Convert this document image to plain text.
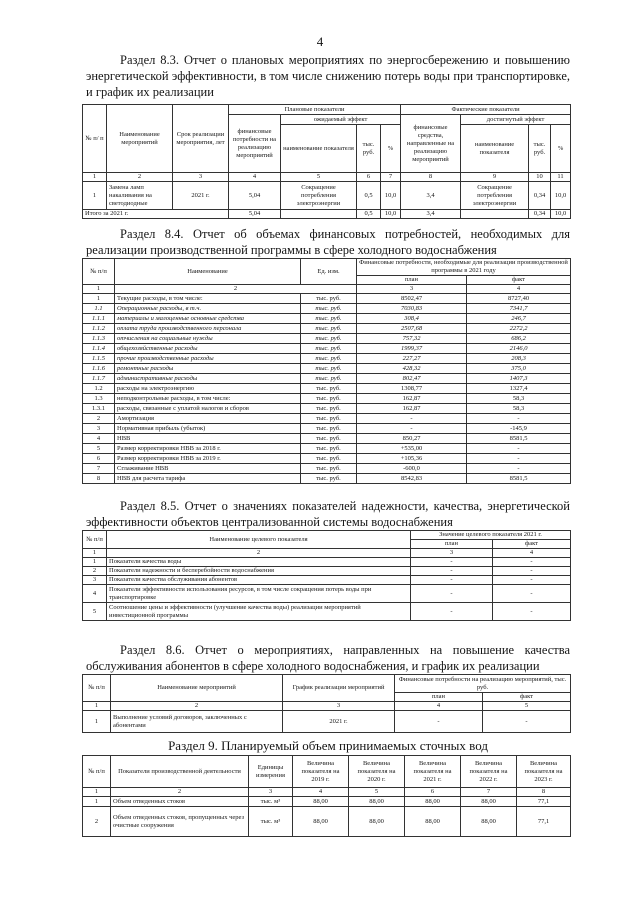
4
Раздел 8.3. Отчет о плановых мероприятиях по энергосбережению и повышению энергетической эффективности, в том числе снижению потерь воды при транспортировке, и график их реализации
№ п/ п	Наименование мероприятий	Срок реализации мероприятия, лет	Плановые показатели				Фактические показатели			
			финансовые потребности на реализацию мероприятий	ожидаемый эффект			финансовые средства, направленные на реализацию мероприятий	достигнутый эффект		
				наименование показателя	тыс. руб.	%		наименование показателя	тыс. руб.	%
1	2	3	4	5	6	7	8	9	10	11
1	Замена ламп накаливания на светодиодные	2021 г.	5,04	Сокращение потребления электроэнергии	0,5	10,0	3,4	Сокращение потребления электроэнергии	0,34	10,0
Итого за 2021 г.			5,04		0,5	10,0	3,4		0,34	10,0
Раздел 8.4. Отчет об объемах финансовых потребностей, необходимых для реализации производственной программы в сфере холодного водоснабжения
№ п/п	Наименование	Ед. изм.	Финансовые потребности, необходимые для реализации производственной программы в 2021 году	
			план	факт
1	2		3	4
1	Текущие расходы, в том числе:	тыс. руб.	8502,47	8727,40
1.1	Операционные расходы, в т.ч.	тыс. руб.	7030,83	7341,7
1.1.1	материалы и малоценные основные средства	тыс. руб.	308,4	246,7
1.1.2	оплата труда производственного персонала	тыс. руб.	2507,68	2272,2
1.1.3	отчисления на социальные нужды	тыс. руб.	757,32	686,2
1.1.4	общехозяйственные расходы	тыс. руб.	1999,37	2146,0
1.1.5	прочие производственные расходы	тыс. руб.	227,27	208,3
1.1.6	ремонтные расходы	тыс. руб.	428,32	375,0
1.1.7	административные расходы	тыс. руб.	802,47	1407,3
1.2	расходы на электроэнергию	тыс. руб.	1308,77	1327,4
1.3	неподконтрольные расходы, в том числе:	тыс. руб.	162,87	58,3
1.3.1	расходы, связанные с уплатой налогов и сборов	тыс. руб.	162,87	58,3
2	Амортизация	тыс. руб.	-	-
3	Нормативная прибыль (убыток)	тыс. руб.	-	-145,9
4	НВВ	тыс. руб.	850,27	8581,5
5	Размер корректировки НВВ за 2018 г.	тыс. руб.	+535,00	-
6	Размер корректировки НВВ за 2019 г.	тыс. руб.	+105,36	-
7	Сглаживание НВВ	тыс. руб.	-600,0	-
8	НВВ для расчета тарифа	тыс. руб.	8542,83	8581,5
Раздел 8.5. Отчет о значениях показателей надежности, качества, энергетической эффективности объектов централизованной системы водоснабжения
№ п/п	Наименование целевого показателя	Значение целевого показателя 2021 г.	
		план	факт
1	2	3	4
1	Показатели качества воды	-	-
2	Показатели надежности и бесперебойности водоснабжения	-	-
3	Показатели качества обслуживания абонентов	-	-
4	Показатели эффективности использования ресурсов, в том числе сокращения потерь воды при транспортировке	-	-
5	Соотношение цены и эффективности (улучшение качества воды) реализации мероприятий инвестиционной программы	-	-
Раздел 8.6. Отчет о мероприятиях, направленных на повышение качества обслуживания абонентов в сфере холодного водоснабжения, и график их реализации
№ п/п	Наименование мероприятий	График реализации мероприятий	Финансовые потребности на реализацию мероприятий, тыс. руб.	
			план	факт
1	2	3	4	5
1	Выполнение условий договоров, заключенных с абонентами	2021 г.	-	-
Раздел 9. Планируемый объем принимаемых сточных вод
№ п/п	Показатели производственной деятельности	Единицы измерения	Величина показателя на 2019 г.	Величина показателя на 2020 г.	Величина показателя на 2021 г.	Величина показателя на 2022 г.	Величина показателя на 2023 г.
1	2	3	4	5	6	7	8
1	Объем отведенных стоков	тыс. м³	88,00	88,00	88,00	88,00	77,1
2	Объем отведенных стоков, пропущенных через очистные сооружения	тыс. м³	88,00	88,00	88,00	88,00	77,1
